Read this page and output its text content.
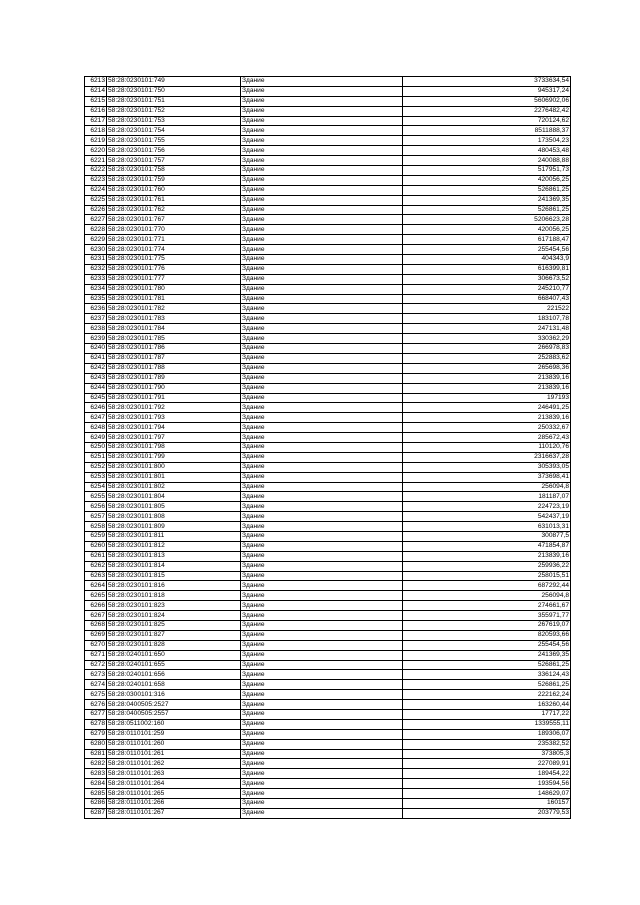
6213	58:28:0230101:749	Здание	3733634,54
6214	58:28:0230101:750	Здание	945317,24
6215	58:28:0230101:751	Здание	5606902,06
6216	58:28:0230101:752	Здание	2276482,42
6217	58:28:0230101:753	Здание	720124,62
6218	58:28:0230101:754	Здание	8511888,37
6219	58:28:0230101:755	Здание	173504,23
6220	58:28:0230101:756	Здание	480453,48
6221	58:28:0230101:757	Здание	240088,88
6222	58:28:0230101:758	Здание	517951,73
6223	58:28:0230101:759	Здание	420056,25
6224	58:28:0230101:760	Здание	526861,25
6225	58:28:0230101:761	Здание	241369,35
6226	58:28:0230101:762	Здание	526861,25
6227	58:28:0230101:767	Здание	5206623,28
6228	58:28:0230101:770	Здание	420056,25
6229	58:28:0230101:771	Здание	617188,47
6230	58:28:0230101:774	Здание	255454,56
6231	58:28:0230101:775	Здание	404343,9
6232	58:28:0230101:776	Здание	616399,81
6233	58:28:0230101:777	Здание	306673,52
6234	58:28:0230101:780	Здание	245210,77
6235	58:28:0230101:781	Здание	668407,43
6236	58:28:0230101:782	Здание	221522
6237	58:28:0230101:783	Здание	183107,78
6238	58:28:0230101:784	Здание	247131,48
6239	58:28:0230101:785	Здание	330362,29
6240	58:28:0230101:786	Здание	266978,83
6241	58:28:0230101:787	Здание	252883,62
6242	58:28:0230101:788	Здание	265698,36
6243	58:28:0230101:789	Здание	213839,16
6244	58:28:0230101:790	Здание	213839,16
6245	58:28:0230101:791	Здание	197193
6246	58:28:0230101:792	Здание	246491,25
6247	58:28:0230101:793	Здание	213839,16
6248	58:28:0230101:794	Здание	250332,67
6249	58:28:0230101:797	Здание	285672,43
6250	58:28:0230101:798	Здание	110120,76
6251	58:28:0230101:799	Здание	2316637,28
6252	58:28:0230101:800	Здание	305393,05
6253	58:28:0230101:801	Здание	373698,41
6254	58:28:0230101:802	Здание	256094,8
6255	58:28:0230101:804	Здание	181187,07
6256	58:28:0230101:805	Здание	224723,19
6257	58:28:0230101:808	Здание	542437,19
6258	58:28:0230101:809	Здание	631013,31
6259	58:28:0230101:811	Здание	300877,5
6260	58:28:0230101:812	Здание	471854,87
6261	58:28:0230101:813	Здание	213839,16
6262	58:28:0230101:814	Здание	259936,22
6263	58:28:0230101:815	Здание	258015,51
6264	58:28:0230101:816	Здание	687292,44
6265	58:28:0230101:818	Здание	256094,8
6266	58:28:0230101:823	Здание	274661,67
6267	58:28:0230101:824	Здание	355971,77
6268	58:28:0230101:825	Здание	267619,07
6269	58:28:0230101:827	Здание	820593,66
6270	58:28:0230101:828	Здание	255454,56
6271	58:28:0240101:650	Здание	241369,35
6272	58:28:0240101:655	Здание	526861,25
6273	58:28:0240101:656	Здание	336124,43
6274	58:28:0240101:658	Здание	526861,25
6275	58:28:0300101:316	Здание	222162,24
6276	58:28:0400505:2527	Здание	163260,44
6277	58:28:0400505:2557	Здание	17717,22
6278	58:28:0511002:160	Здание	1339555,11
6279	58:28:0110101:259	Здание	189306,07
6280	58:28:0110101:260	Здание	235382,52
6281	58:28:0110101:261	Здание	373805,3
6282	58:28:0110101:262	Здание	227089,91
6283	58:28:0110101:263	Здание	189454,22
6284	58:28:0110101:264	Здание	193594,56
6285	58:28:0110101:265	Здание	148629,07
6286	58:28:0110101:266	Здание	160157
6287	58:28:0110101:267	Здание	203779,53
